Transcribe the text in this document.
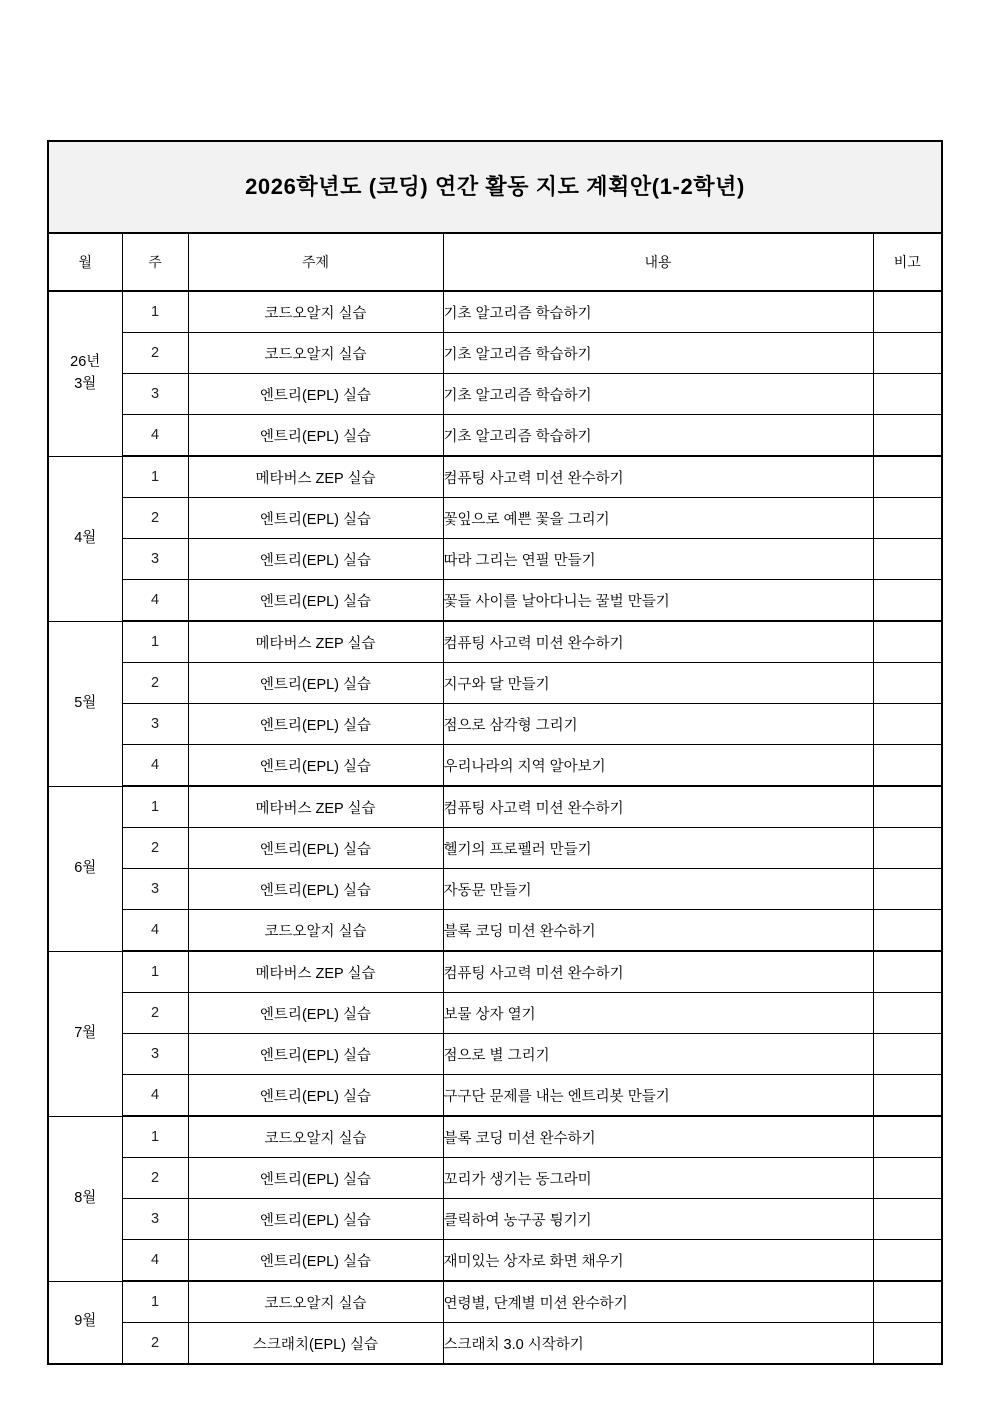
2026학년도 (코딩) 연간 활동 지도 계획안(1-2학년)				

월	주	주제	내용	비고
26년
3월	1	코드오알지 실습	기초 알고리즘 학습하기	
	2	코드오알지 실습	기초 알고리즘 학습하기	
	3	엔트리(EPL) 실습	기초 알고리즘 학습하기	
	4	엔트리(EPL) 실습	기초 알고리즘 학습하기	
4월	1	메타버스 ZEP 실습	컴퓨팅 사고력 미션 완수하기	
	2	엔트리(EPL) 실습	꽃잎으로 예쁜 꽃을 그리기	
	3	엔트리(EPL) 실습	따라 그리는 연필 만들기	
	4	엔트리(EPL) 실습	꽃들 사이를 날아다니는 꿀벌 만들기	
5월	1	메타버스 ZEP 실습	컴퓨팅 사고력 미션 완수하기	
	2	엔트리(EPL) 실습	지구와 달 만들기	
	3	엔트리(EPL) 실습	점으로 삼각형 그리기	
	4	엔트리(EPL) 실습	우리나라의 지역 알아보기	
6월	1	메타버스 ZEP 실습	컴퓨팅 사고력 미션 완수하기	
	2	엔트리(EPL) 실습	헬기의 프로펠러 만들기	
	3	엔트리(EPL) 실습	자동문 만들기	
	4	코드오알지 실습	블록 코딩 미션 완수하기	
7월	1	메타버스 ZEP 실습	컴퓨팅 사고력 미션 완수하기	
	2	엔트리(EPL) 실습	보물 상자 열기	
	3	엔트리(EPL) 실습	점으로 별 그리기	
	4	엔트리(EPL) 실습	구구단 문제를 내는 엔트리봇 만들기	
8월	1	코드오알지 실습	블록 코딩 미션 완수하기	
	2	엔트리(EPL) 실습	꼬리가 생기는 동그라미	
	3	엔트리(EPL) 실습	클릭하여 농구공 튕기기	
	4	엔트리(EPL) 실습	재미있는 상자로 화면 채우기	
9월	1	코드오알지 실습	연령별, 단계별 미션 완수하기	
	2	스크래치(EPL) 실습	스크래치 3.0 시작하기	
